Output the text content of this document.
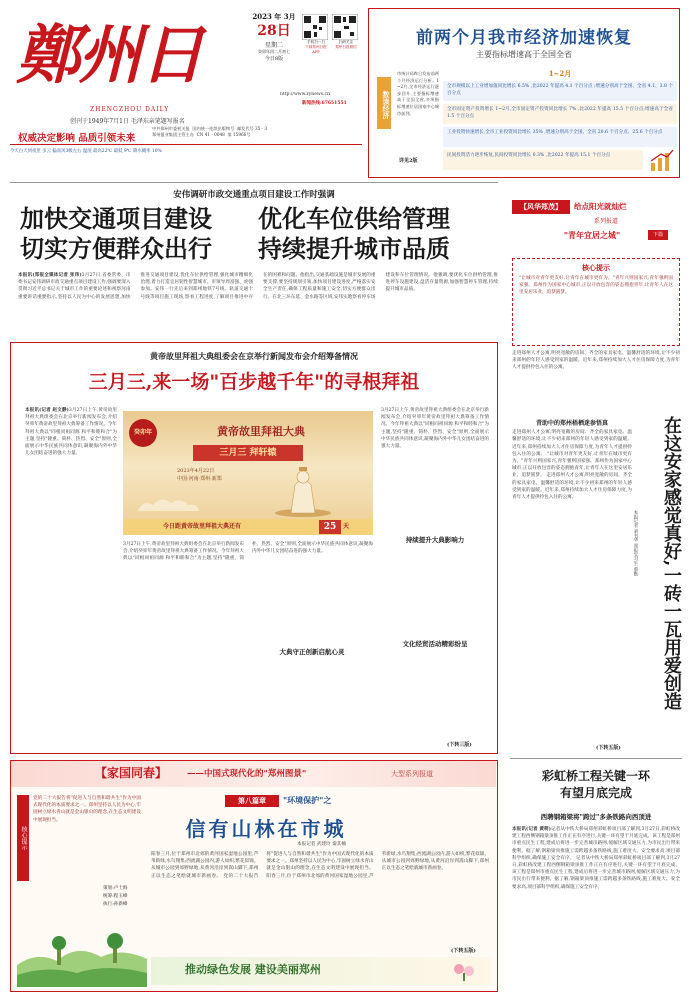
鄭州日
ZHENGZHOU DAILY
创刊于1949年7月1日 毛泽东亲笔题写报名
2023 年 3月
28日
星期二
癸卯年闰二月初七
今日8版
手机扫一扫
下载郑州日报APP
扫码关注
郑州日报微信
http://www.zynews.cn
新闻热线:67651551
权威决定影响 品质引领未来
中共郑州市委机关报 国内统一连续出版物号 邮发代号 35 - 3
郑州报业集团主管主办 CN 41 - 0048 第 15966号
今天白天到夜里 多云 偏南风3级左右 温度 最高22℃ 最低 9℃ 降水概率 10%
前两个月我市经济加速恢复
主要指标增速高于全国全省
市统计局昨日发布前两个月经济运行分析。1~2月,全市经济运行逐步回升,主要指标增速高于全国全省,多项指标增速位居国家中心城市前列。
数读经济
详见2版
1~2月
全市规模以上工业增加值同比增长 6.5% ,比2022 年提高 4.1 个百分点 ;增速分别高于全国、全省 4.1、3.8 个百分点
全市固定资产投资增长 1~2月,全市固定资产投资同比增长 7% ,比2022 年提高 15.5 个百分点;增速高于全省 1.5 个百分点
工业投资快速增长,全市工业投资同比增长 35% ,增速分别高于全国、全省 20.6 个百分点、25.6 个百分点
民间投资活力逐步恢复,民间投资同比增长 0.3% ,比2022 年提高 15.1 个百分点
安伟调研市政交通重点项目建设工作时强调
加快交通项目建设
切实方便群众出行
优化车位供给管理
持续提升城市品质
本报讯(郑报全媒体记者 张玮)3月27日,省委常委、市委书记安伟调研市政交通重点项目建设工作,强调要深入贯彻习近平总书记关于城市工作的重要论述和视察河南重要讲话重要指示,坚持以人民为中心的发展思想,加快推进交通项目建设,优化车位供给管理,强化城市精细化治理,着力打造宜居韧性智慧城市。市领导周富强、虎强参加。安伟一行先后来到郑州地铁7号线、轨道交通十号线等项目施工现场,察看工程进度,了解项目推进中存在的困难和问题。他指出,交通基础设施是城市发展的重要支撑,要坚持规划引领,加快项目建设进度,严格落实安全生产责任,确保工程质量和施工安全,切实方便群众出行。在北三环东延、金水路等区域,安伟实地察看停车场建设和车位管理情况。他强调,要优化车位供给管理,推进停车设施建设,盘活存量资源,加强智慧停车管理,持续提升城市品质。
黄帝故里拜祖大典组委会在京举行新闻发布会介绍筹备情况
三月三,来一场"百步越千年"的寻根拜祖
本报讯(记者 赵文静)3月27日上午,黄帝故里拜祖大典组委会在北京举行新闻发布会,介绍癸卯年黄帝故里拜祖大典筹备工作情况。今年拜祖大典以"同根同祖同源 和平和睦和合"为主题,坚持"隆重、简朴、热烈、安全"原则,全面展示中华民族共同体意识,凝聚海内外中华儿女团结奋进的强大力量。
癸卯年	黄帝故里拜祖大典
三月三 拜轩辕
2023年4月22日
中国·河南·郑州·新郑
今日距黄帝故里拜祖大典还有	25	天
3月27日上午,黄帝故里拜祖大典组委会在北京举行新闻发布会,介绍癸卯年黄帝故里拜祖大典筹备工作情况。今年拜祖大典以"同根同祖同源 和平和睦和合"为主题,坚持"隆重、简朴、热烈、安全"原则,全面展示中华民族共同体意识,凝聚海内外中华儿女团结奋进的强大力量。
持续提升大典影响力
文化经贸活动精彩纷呈
3月27日上午,黄帝故里拜祖大典组委会在北京举行新闻发布会,介绍癸卯年黄帝故里拜祖大典筹备工作情况。今年拜祖大典以"同根同祖同源 和平和睦和合"为主题,坚持"隆重、简朴、热烈、安全"原则,全面展示中华民族共同体意识,凝聚海内外中华儿女团结奋进的强大力量。
大典守正创新启航心灵
(下转三版)
【风华郑茂】	给点阳光就灿烂
系列报道
"青年宜居之城"	下篇
核心提示
"让城市对青年更友好,让青年在城市更有为。"青年兴则国家兴,青年强则国家强。郑州作为国家中心城市,正以开放包容的姿态拥抱青年,让青年人在这里安居乐业、追梦圆梦。
走进郑州人才公寓,明亮宽敞的房间、齐全的家具家电、温馨舒适的环境,让不少初来郑州的年轻人感受到家的温暖。近年来,郑州持续加大人才住房保障力度,为青年人才提供拎包入住的公寓。
青助中的郑州梧栖迷参悟真
走进郑州人才公寓,明亮宽敞的房间、齐全的家具家电、温馨舒适的环境,让不少初来郑州的年轻人感受到家的温暖。近年来,郑州持续加大人才住房保障力度,为青年人才提供拎包入住的公寓。 "让城市对青年更友好,让青年在城市更有为。"青年兴则国家兴,青年强则国家强。郑州作为国家中心城市,正以开放包容的姿态拥抱青年,让青年人在这里安居乐业、追梦圆梦。 走进郑州人才公寓,明亮宽敞的房间、齐全的家具家电、温馨舒适的环境,让不少初来郑州的年轻人感受到家的温暖。近年来,郑州持续加大人才住房保障力度,为青年人才提供拎包入住的公寓。	在这安家感觉真好,一砖一瓦用爱创造
本报记者 刘书华 郑报实习生 蔡默
(下转五版)
彩虹桥工程关键一环
有望月底完成
西聘钢箱梁将"跨过"多条铁路向西顶进
本报讯(记者 黄萌)记者从中铁大桥局郑州彩虹桥项目部了解到,3月27日,彩虹桥改建工程西侧钢箱梁顶推工作正在有序进行,关键一环有望于月底完成。该工程是郑州市重点民生工程,建成后将进一步完善城市路网,缓解区域交通压力,为市民出行带来便利。据了解,钢箱梁顶推施工需跨越多条铁路线,施工难度大、安全要求高,项目部科学组织,确保施工安全有序。 记者从中铁大桥局郑州彩虹桥项目部了解到,3月27日,彩虹桥改建工程西侧钢箱梁顶推工作正在有序进行,关键一环有望于月底完成。该工程是郑州市重点民生工程,建成后将进一步完善城市路网,缓解区域交通压力,为市民出行带来便利。据了解,钢箱梁顶推施工需跨越多条铁路线,施工难度大、安全要求高,项目部科学组织,确保施工安全有序。
【家国同春】	——中国式现代化的"郑州图景"	大型系列报道
核心提示
党的二十大报告将"促进人与自然和谐共生"作为中国式现代化的本质要求之一。郑州坚持以人民为中心,牢固树立绿水青山就是金山银山的理念,在生态文明建设中展现担当。
策划:卢士海
统筹:程玉峰
执行:孙新峰
第八篇章	"环境保护"之
信有山林在市城
本报记者 武建玲 秦其楠
阳春三月,位于郑州市北郊的黄河国家湿地公园里,芦苇新绿,水鸟翔集;西流湖公园内,游人如织,繁花似锦。从城市公园到郊野绿地,从黄河沿岸到嵩山脚下,郑州正以生态之笔绘就城市新画卷。 党的二十大报告将"促进人与自然和谐共生"作为中国式现代化的本质要求之一。郑州坚持以人民为中心,牢固树立绿水青山就是金山银山的理念,在生态文明建设中展现担当。 阳春三月,位于郑州市北郊的黄河国家湿地公园里,芦苇新绿,水鸟翔集;西流湖公园内,游人如织,繁花似锦。从城市公园到郊野绿地,从黄河沿岸到嵩山脚下,郑州正以生态之笔绘就城市新画卷。
推动绿色发展 建设美丽郑州
(下转五版)
